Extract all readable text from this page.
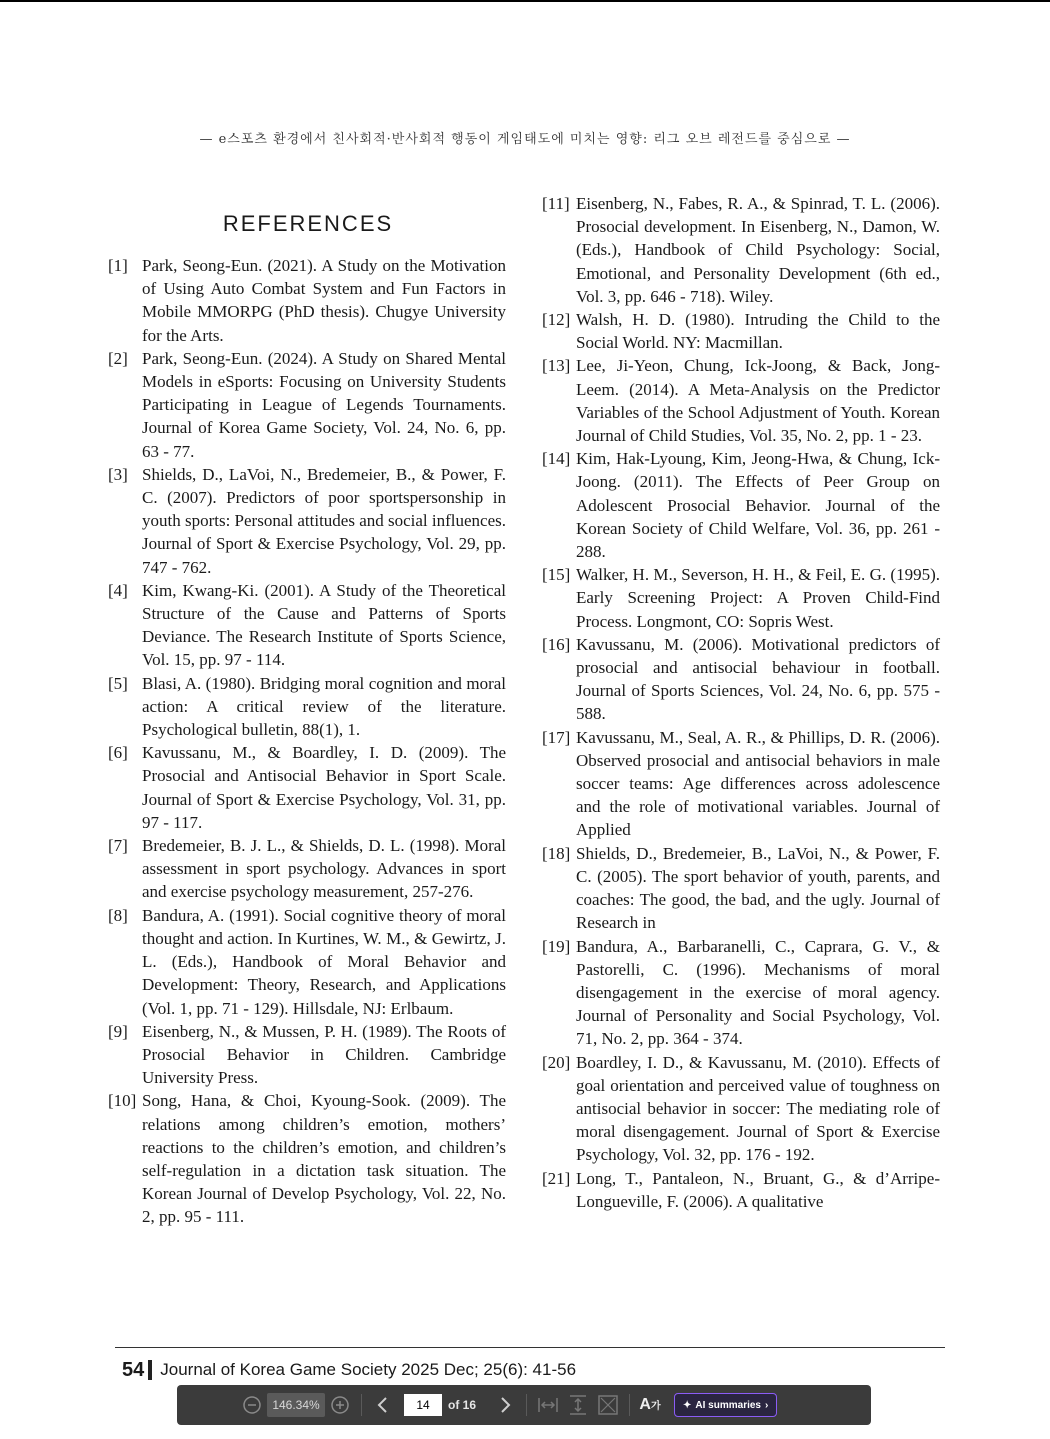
— e스포츠 환경에서 친사회적·반사회적 행동이 게임태도에 미치는 영향: 리그 오브 레전드를 중심으로 —
REFERENCES
[1] Park, Seong-Eun. (2021). A Study on the Motivation of Using Auto Combat System and Fun Factors in Mobile MMORPG (PhD thesis). Chugye University for the Arts.
[2] Park, Seong-Eun. (2024). A Study on Shared Mental Models in eSports: Focusing on University Students Participating in League of Legends Tournaments. Journal of Korea Game Society, Vol. 24, No. 6, pp. 63 - 77.
[3] Shields, D., LaVoi, N., Bredemeier, B., & Power, F. C. (2007). Predictors of poor sportspersonship in youth sports: Personal attitudes and social influences. Journal of Sport & Exercise Psychology, Vol. 29, pp. 747 - 762.
[4] Kim, Kwang-Ki. (2001). A Study of the Theoretical Structure of the Cause and Patterns of Sports Deviance. The Research Institute of Sports Science, Vol. 15, pp. 97 - 114.
[5] Blasi, A. (1980). Bridging moral cognition and moral action: A critical review of the literature. Psychological bulletin, 88(1), 1.
[6] Kavussanu, M., & Boardley, I. D. (2009). The Prosocial and Antisocial Behavior in Sport Scale. Journal of Sport & Exercise Psychology, Vol. 31, pp. 97 - 117.
[7] Bredemeier, B. J. L., & Shields, D. L. (1998). Moral assessment in sport psychology. Advances in sport and exercise psychology measurement, 257-276.
[8] Bandura, A. (1991). Social cognitive theory of moral thought and action. In Kurtines, W. M., & Gewirtz, J. L. (Eds.), Handbook of Moral Behavior and Development: Theory, Research, and Applications (Vol. 1, pp. 71 - 129). Hillsdale, NJ: Erlbaum.
[9] Eisenberg, N., & Mussen, P. H. (1989). The Roots of Prosocial Behavior in Children. Cambridge University Press.
[10] Song, Hana, & Choi, Kyoung-Sook. (2009). The relations among children’s emotion, mothers’ reactions to the children’s emotion, and children’s self-regulation in a dictation task situation. The Korean Journal of Develop Psychology, Vol. 22, No. 2, pp. 95 - 111.
[11] Eisenberg, N., Fabes, R. A., & Spinrad, T. L. (2006). Prosocial development. In Eisenberg, N., Damon, W. (Eds.), Handbook of Child Psychology: Social, Emotional, and Personality Development (6th ed., Vol. 3, pp. 646 - 718). Wiley.
[12] Walsh, H. D. (1980). Intruding the Child to the Social World. NY: Macmillan.
[13] Lee, Ji-Yeon, Chung, Ick-Joong, & Back, Jong-Leem. (2014). A Meta-Analysis on the Predictor Variables of the School Adjustment of Youth. Korean Journal of Child Studies, Vol. 35, No. 2, pp. 1 - 23.
[14] Kim, Hak-Lyoung, Kim, Jeong-Hwa, & Chung, Ick-Joong. (2011). The Effects of Peer Group on Adolescent Prosocial Behavior. Journal of the Korean Society of Child Welfare, Vol. 36, pp. 261 - 288.
[15] Walker, H. M., Severson, H. H., & Feil, E. G. (1995). Early Screening Project: A Proven Child-Find Process. Longmont, CO: Sopris West.
[16] Kavussanu, M. (2006). Motivational predictors of prosocial and antisocial behaviour in football. Journal of Sports Sciences, Vol. 24, No. 6, pp. 575 - 588.
[17] Kavussanu, M., Seal, A. R., & Phillips, D. R. (2006). Observed prosocial and antisocial behaviors in male soccer teams: Age differences across adolescence and the role of motivational variables. Journal of Applied
[18] Shields, D., Bredemeier, B., LaVoi, N., & Power, F. C. (2005). The sport behavior of youth, parents, and coaches: The good, the bad, and the ugly. Journal of Research in
[19] Bandura, A., Barbaranelli, C., Caprara, G. V., & Pastorelli, C. (1996). Mechanisms of moral disengagement in the exercise of moral agency. Journal of Personality and Social Psychology, Vol. 71, No. 2, pp. 364 - 374.
[20] Boardley, I. D., & Kavussanu, M. (2010). Effects of goal orientation and perceived value of toughness on antisocial behavior in soccer: The mediating role of moral disengagement. Journal of Sport & Exercise Psychology, Vol. 32, pp. 176 - 192.
[21] Long, T., Pantaleon, N., Bruant, G., & d’Arripe-Longueville, F. (2006). A qualitative
54 Journal of Korea Game Society 2025 Dec; 25(6): 41-56
146.34%
14	of 16	A가	✦ AI summaries ›
